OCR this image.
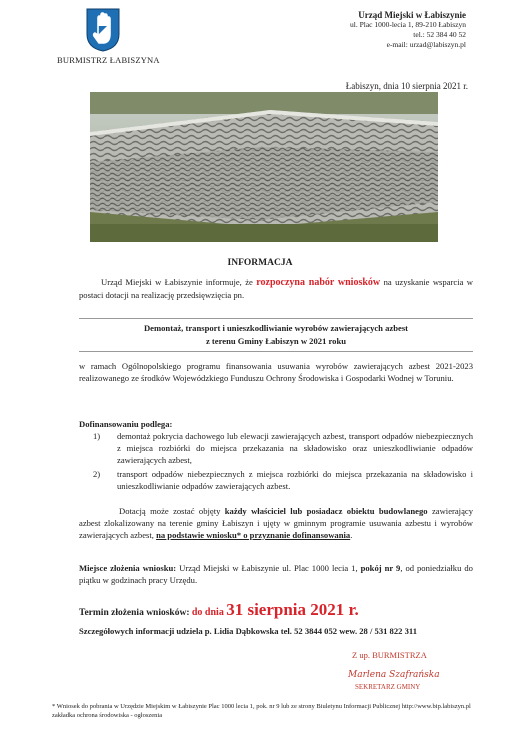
BURMISTRZ ŁABISZYNA
Urząd Miejski w Łabiszynie
ul. Plac 1000-lecia 1, 89-210 Łabiszyn
tel.: 52 384 40 52
e-mail: urzad@labiszyn.pl
Łabiszyn, dnia 10 sierpnia 2021 r.
INFORMACJA
Urząd Miejski w Łabiszynie informuje, że rozpoczyna nabór wniosków na uzyskanie wsparcia w postaci dotacji na realizację przedsięwzięcia pn.
Demontaż, transport i unieszkodliwianie wyrobów zawierających azbest
z terenu Gminy Łabiszyn w 2021 roku
w ramach Ogólnopolskiego programu finansowania usuwania wyrobów zawierających azbest 2021-2023 realizowanego ze środków Wojewódzkiego Funduszu Ochrony Środowiska i Gospodarki Wodnej w Toruniu.
Dofinansowaniu podlega:
1)	demontaż pokrycia dachowego lub elewacji zawierających azbest, transport odpadów niebezpiecznych z miejsca rozbiórki do miejsca przekazania na składowisko oraz unieszkodliwianie odpadów zawierających azbest,
2)	transport odpadów niebezpiecznych z miejsca rozbiórki do miejsca przekazania na składowisko i unieszkodliwianie odpadów zawierających azbest.
Dotacją może zostać objęty każdy właściciel lub posiadacz obiektu budowlanego zawierający azbest zlokalizowany na terenie gminy Łabiszyn i ujęty w gminnym programie usuwania azbestu i wyrobów zawierających azbest, na podstawie wniosku* o przyznanie dofinansowania.
Miejsce złożenia wniosku: Urząd Miejski w Łabiszynie ul. Plac 1000 lecia 1, pokój nr 9, od poniedziałku do piątku w godzinach pracy Urzędu.
Termin złożenia wniosków: do dnia 31 sierpnia 2021 r.
Szczegółowych informacji udziela p. Lidia Dąbkowska tel. 52 3844 052 wew. 28 / 531 822 311
Z up. BURMISTRZA
Marlena Szafrańska
SEKRETARZ GMINY
* Wniosek do pobrania w Urzędzie Miejskim w Łabiszynie Plac 1000 lecia 1, pok. nr 9 lub ze strony Biuletynu Informacji Publicznej http://www.bip.labiszyn.pl zakładka ochrona środowiska - ogłoszenia
